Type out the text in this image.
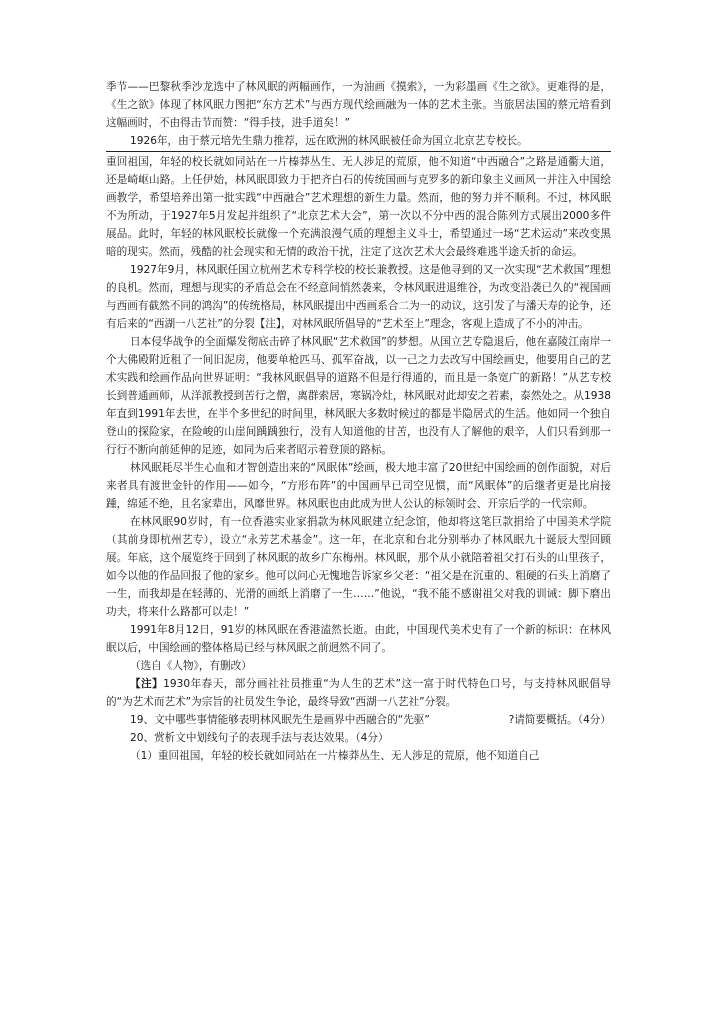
季节——巴黎秋季沙龙选中了林风眠的两幅画作，一为油画《摸索》，一为彩墨画《生之欲》。更难得的是，《生之欲》体现了林风眠力图把“东方艺术”与西方现代绘画融为一体的艺术主张。当旅居法国的蔡元培看到这幅画时，不由得击节而赞：“得手技，进手道矣！”

1926年，由于蔡元培先生鼎力推荐，远在欧洲的林风眠被任命为国立北京艺专校长。

重回祖国，年轻的校长就如同站在一片榛莽丛生、无人涉足的荒原，他不知道“中西融合”之路是通衢大道，还是崎岖山路。上任伊始，林风眠即致力于把齐白石的传统国画与克罗多的新印象主义画风一并注入中国绘画教学，希望培养出第一批实践“中西融合”艺术理想的新生力量。然而，他的努力并不顺利。不过，林风眠不为所动，于1927年5月发起并组织了“北京艺术大会”，第一次以不分中西的混合陈列方式展出2000多件展品。此时，年轻的林风眠校长就像一个充满浪漫气质的理想主义斗士，希望通过一场“艺术运动”来改变黑暗的现实。然而，残酷的社会现实和无情的政治干扰，注定了这次艺术大会最终难逃半途夭折的命运。

1927年9月，林风眠任国立杭州艺术专科学校的校长兼教授。这是他寻到的又一次实现“艺术救国”理想的良机。然而，理想与现实的矛盾总会在不经意间悄然袭来，令林风眠进退维谷，为改变沿袭已久的“视国画与西画有截然不同的鸿沟”的传统格局，林风眠提出中西画系合二为一的动议，这引发了与潘天寿的论争，还有后来的“西湖一八艺社”的分裂【注】，对林风眠所倡导的“艺术至上”理念，客观上造成了不小的冲击。

日本侵华战争的全面爆发彻底击碎了林风眠“艺术救国”的梦想。从国立艺专隐退后，他在嘉陵江南岸一个大佛殿附近租了一间旧泥房，他要单枪匹马、孤军奋战，以一己之力去改写中国绘画史，他要用自己的艺术实践和绘画作品向世界证明：“我林风眠倡导的道路不但是行得通的，而且是一条宽广的新路！”从艺专校长到普通画师，从洋派教授到苦行之僧，离群索居，寒锅冷灶，林风眠对此却安之若素，泰然处之。从1938年直到1991年去世，在半个多世纪的时间里，林风眠大多数时候过的都是半隐居式的生活。他如同一个独自登山的探险家，在险峻的山崖间踽踽独行，没有人知道他的甘苦，也没有人了解他的艰辛，人们只看到那一行行不断向前延伸的足迹，如同为后来者昭示着登顶的路标。

林风眠耗尽半生心血和才智创造出来的“风眠体”绘画，极大地丰富了20世纪中国绘画的创作面貌，对后来者具有渡世金针的作用——如今，“方形布阵”的中国画早已司空见惯，而“风眠体”的后继者更是比肩接踵，绵延不绝，且名家辈出，风靡世界。林风眠也由此成为世人公认的标领时会、开宗后学的一代宗师。

在林风眠90岁时，有一位香港实业家捐款为林风眠建立纪念馆，他却将这笔巨款捐给了中国美术学院（其前身即杭州艺专），设立“永芳艺术基金”。这一年，在北京和台北分别举办了林风眠九十诞辰大型回顾展。年底，这个展览终于回到了林风眠的故乡广东梅州。林风眠，那个从小就陪着祖父打石头的山里孩子，如今以他的作品回报了他的家乡。他可以问心无愧地告诉家乡父老：“祖父是在沉重的、粗硬的石头上消磨了一生，而我却是在轻薄的、光滑的画纸上消磨了一生……”他说，“我不能不感谢祖父对我的训诫：脚下磨出功夫，将来什么路都可以走！”

1991年8月12日，91岁的林风眠在香港溘然长逝。由此，中国现代美术史有了一个新的标识：在林风眠以后，中国绘画的整体格局已经与林风眠之前迥然不同了。

（选自《人物》，有删改）

【注】1930年春天，部分画社社员推重“为人生的艺术”这一富于时代特色口号，与支持林风眠倡导的“为艺术而艺术”为宗旨的社员发生争论，最终导致“西湖一八艺社”分裂。

19、文中哪些事情能够表明林风眠先生是画界中西融合的“先驱”	?请简要概括。（4分）

20、赏析文中划线句子的表现手法与表达效果。（4分）

（1）重回祖国，年轻的校长就如同站在一片榛莽丛生、无人涉足的荒原，他不知道自己
